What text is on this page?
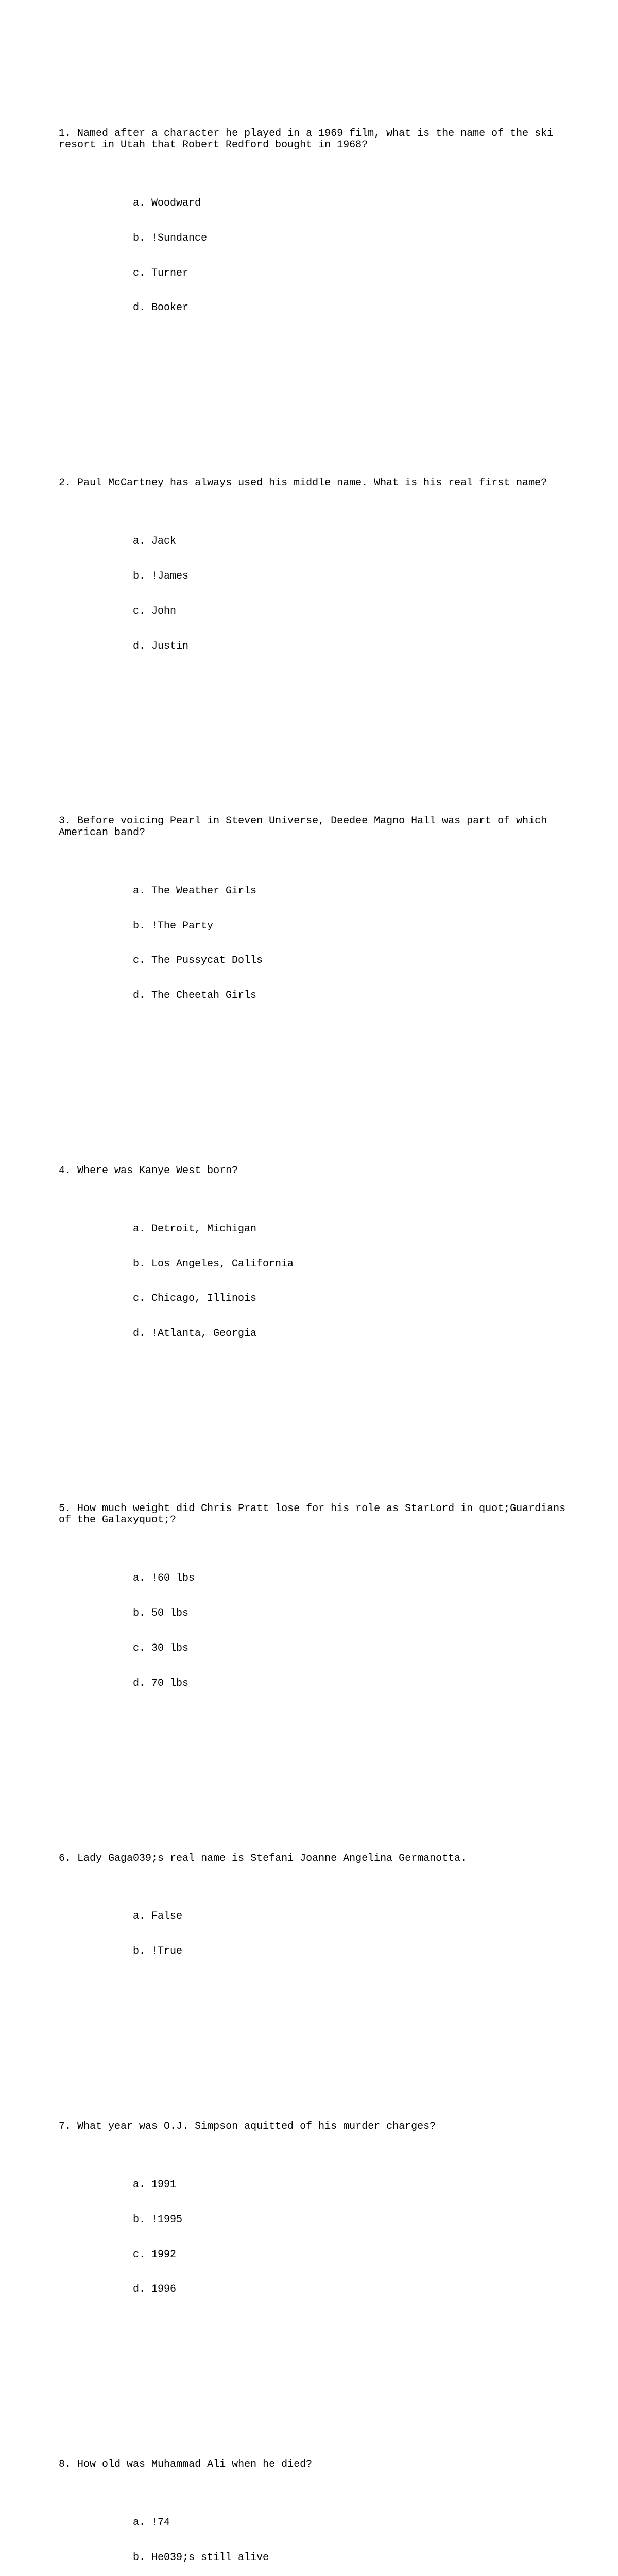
1. Named after a character he played in a 1969 film, what is the name of the ski resort in Utah that Robert Redford bought in 1968?

a. Woodward

b. !Sundance

c. Turner

d. Booker

2. Paul McCartney has always used his middle name. What is his real first name?

a. Jack

b. !James

c. John

d. Justin

3. Before voicing Pearl in Steven Universe, Deedee Magno Hall was part of which American band?

a. The Weather Girls

b. !The Party

c. The Pussycat Dolls

d. The Cheetah Girls

4. Where was Kanye West born?

a. Detroit, Michigan

b. Los Angeles, California

c. Chicago, Illinois

d. !Atlanta, Georgia

5. How much weight did Chris Pratt lose for his role as StarLord in quot;Guardians of the Galaxyquot;?

a. !60 lbs

b. 50 lbs

c. 30 lbs

d. 70 lbs

6. Lady Gaga039;s real name is Stefani Joanne Angelina Germanotta.

a. False

b. !True

7. What year was O.J. Simpson aquitted of his murder charges?

a. 1991

b. !1995

c. 1992

d. 1996

8. How old was Muhammad Ali when he died?

a. !74

b. He039;s still alive
